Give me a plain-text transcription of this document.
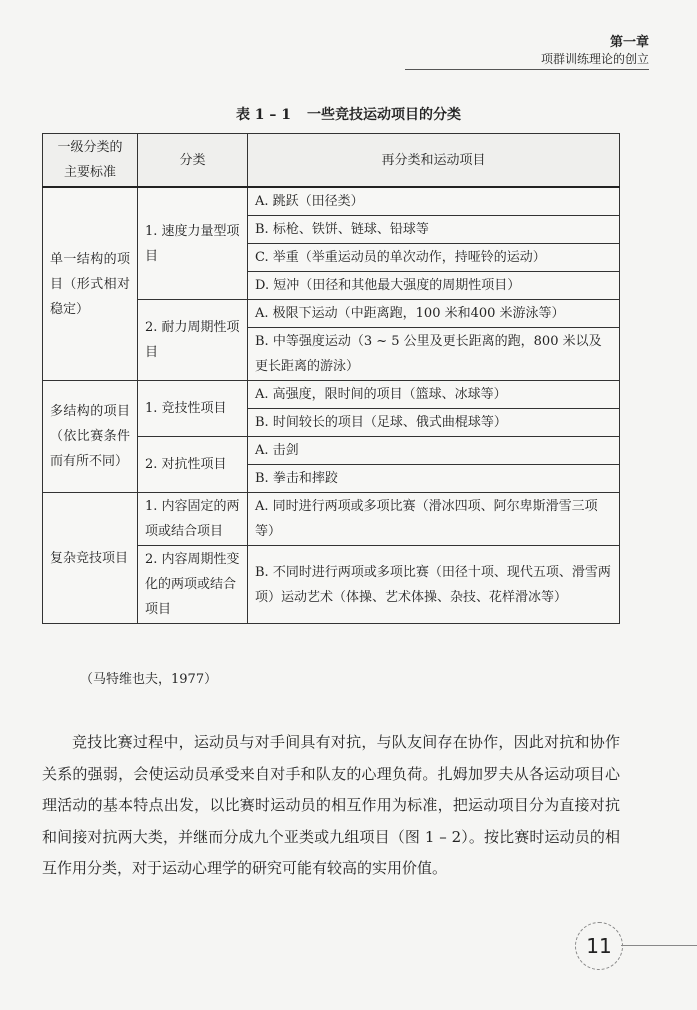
第一章
项群训练理论的创立
表 1 – 1 一些竞技运动项目的分类
一级分类的
主要标准	分类	再分类和运动项目
单一结构的项目（形式相对稳定）	1. 速度力量型项目	A. 跳跃（田径类）
		B. 标枪、铁饼、链球、铅球等
		C. 举重（举重运动员的单次动作，持哑铃的运动）
		D. 短冲（田径和其他最大强度的周期性项目）
	2. 耐力周期性项目	A. 极限下运动（中距离跑，100 米和400 米游泳等）
		B. 中等强度运动（3 ~ 5 公里及更长距离的跑，800 米以及更长距离的游泳）
多结构的项目（依比赛条件而有所不同）	1. 竞技性项目	A. 高强度，限时间的项目（篮球、冰球等）
		B. 时间较长的项目（足球、俄式曲棍球等）
	2. 对抗性项目	A. 击剑
		B. 拳击和摔跤
复杂竞技项目	1. 内容固定的两项或结合项目	A. 同时进行两项或多项比赛（滑冰四项、阿尔卑斯滑雪三项等）
	2. 内容周期性变化的两项或结合项目	B. 不同时进行两项或多项比赛（田径十项、现代五项、滑雪两项）运动艺术（体操、艺术体操、杂技、花样滑冰等）
（马特维也夫，1977）

竞技比赛过程中，运动员与对手间具有对抗，与队友间存在协作，因此对抗和协作关系的强弱，会使运动员承受来自对手和队友的心理负荷。扎姆加罗夫从各运动项目心理活动的基本特点出发，以比赛时运动员的相互作用为标准，把运动项目分为直接对抗和间接对抗两大类，并继而分成九个亚类或九组项目（图 1 – 2）。按比赛时运动员的相互作用分类，对于运动心理学的研究可能有较高的实用价值。

11
